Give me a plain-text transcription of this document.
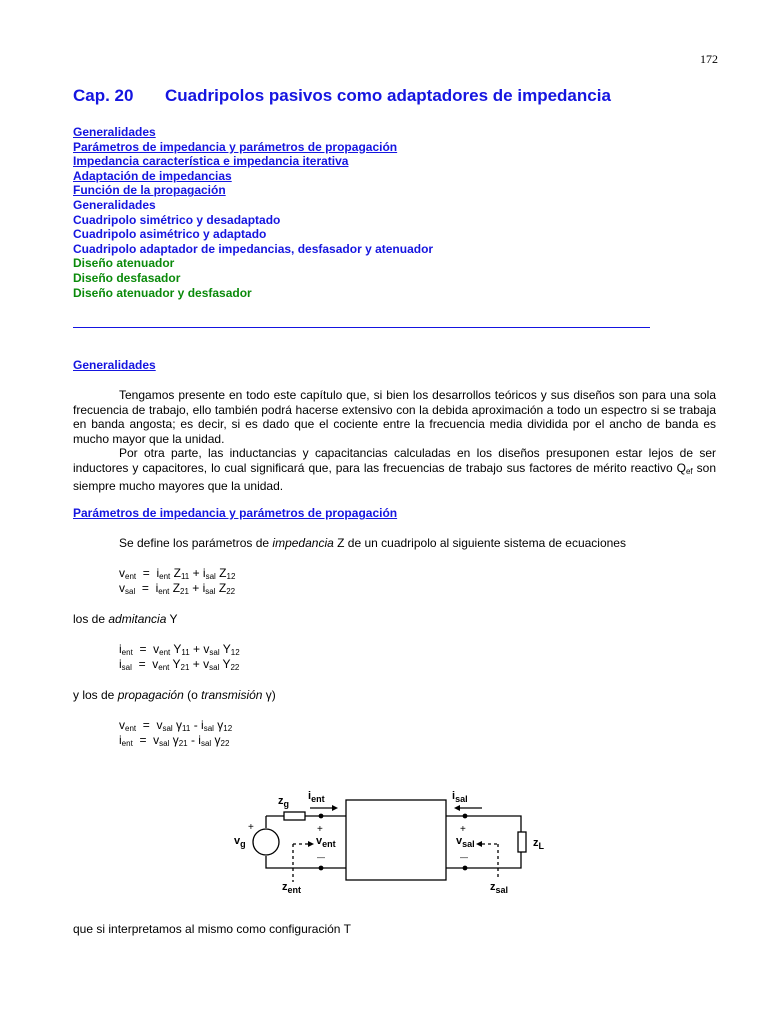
172
Cap. 20 Cuadripolos pasivos como adaptadores de impedancia
Generalidades
Parámetros de impedancia y parámetros de propagación
Impedancia característica e impedancia iterativa
Adaptación de impedancias
Función de la propagación
Generalidades
Cuadripolo simétrico y desadaptado
Cuadripolo asimétrico y adaptado
Cuadripolo adaptador de impedancias, desfasador y atenuador
Diseño atenuador
Diseño desfasador
Diseño atenuador y desfasador
Generalidades
Tengamos presente en todo este capítulo que, si bien los desarrollos teóricos y sus diseños son para una sola frecuencia de trabajo, ello también podrá hacerse extensivo con la debida aproximación a todo un espectro si se trabaja en banda angosta; es decir, si es dado que el cociente entre la frecuencia media dividida por el ancho de banda es mucho mayor que la unidad.
Por otra parte, las inductancias y capacitancias calculadas en los diseños presuponen estar lejos de ser inductores y capacitores, lo cual significará que, para las frecuencias de trabajo sus factores de mérito reactivo $Q_{ef}$ son siempre mucho mayores que la unidad.
Parámetros de impedancia y parámetros de propagación
Se define los parámetros de impedancia Z de un cuadripolo al siguiente sistema de ecuaciones
$v_{ent} = i_{ent}$ $Z_{11} + i_{sal}$ $Z_{12}$
$v_{sal} = i_{ent}$ $Z_{21} + i_{sal}$ $Z_{22}$
los de admitancia Y
$i_{ent} = v_{ent}$ $Y_{11} + v_{sal}$ $Y_{12}$
$i_{sal} = v_{ent}$ $Y_{21} + v_{sal}$ $Y_{22}$
y los de propagación (o transmisión γ)
$v_{ent} = v_{sal}$ $\gamma_{11} - i_{sal}$ $\gamma_{12}$
$i_{ent} = v_{sal}$ $\gamma_{21} - i_{sal}$ $\gamma_{22}$
$z_g$
$v_g$
+
$i_{ent}$	$i_{sal}$
+
$v_{ent}$
—
+
$v_{sal}$
—
$z_L$
$z_{ent}$	$z_{sal}$
que si interpretamos al mismo como configuración T
